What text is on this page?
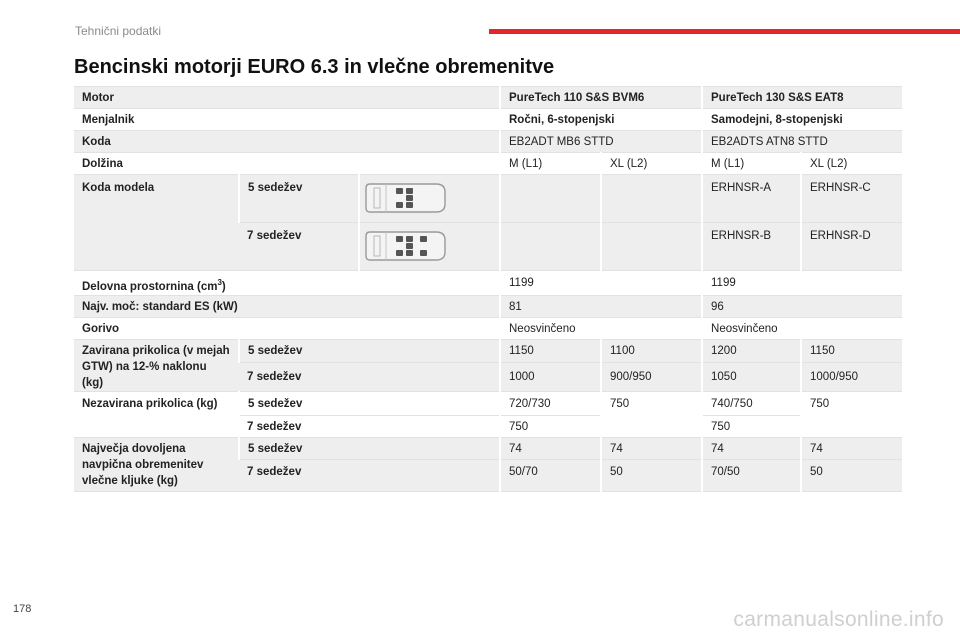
Tehnični podatki
Bencinski motorji EURO 6.3 in vlečne obremenitve
Motor			PureTech 110 S&S BVM6		PureTech 130 S&S EAT8	
Menjalnik			Ročni, 6-stopenjski		Samodejni, 8-stopenjski	
Koda			EB2ADT MB6 STTD		EB2ADTS ATN8 STTD	
Dolžina			M (L1)	XL (L2)	M (L1)	XL (L2)
Koda modela	5 sedežev				ERHNSR-A	ERHNSR-C
	7 sedežev				ERHNSR-B	ERHNSR-D
Delovna prostornina $(cm^3)$			1199		1199	
Najv. moč: standard ES (kW)			81		96	
Gorivo			Neosvinčeno		Neosvinčeno	
Zavirana prikolica (v mejah GTW) na 12-% naklonu (kg)	5 sedežev		1150	1100	1200	1150
	7 sedežev		1000	900/950	1050	1000/950
Nezavirana prikolica (kg)	5 sedežev		720/730	750	740/750	750
	7 sedežev		750		750	
Največja dovoljena navpična obremenitev vlečne kljuke (kg)	5 sedežev		74	74	74	74
	7 sedežev		50/70	50	70/50	50
178	carmanualsonline.info
